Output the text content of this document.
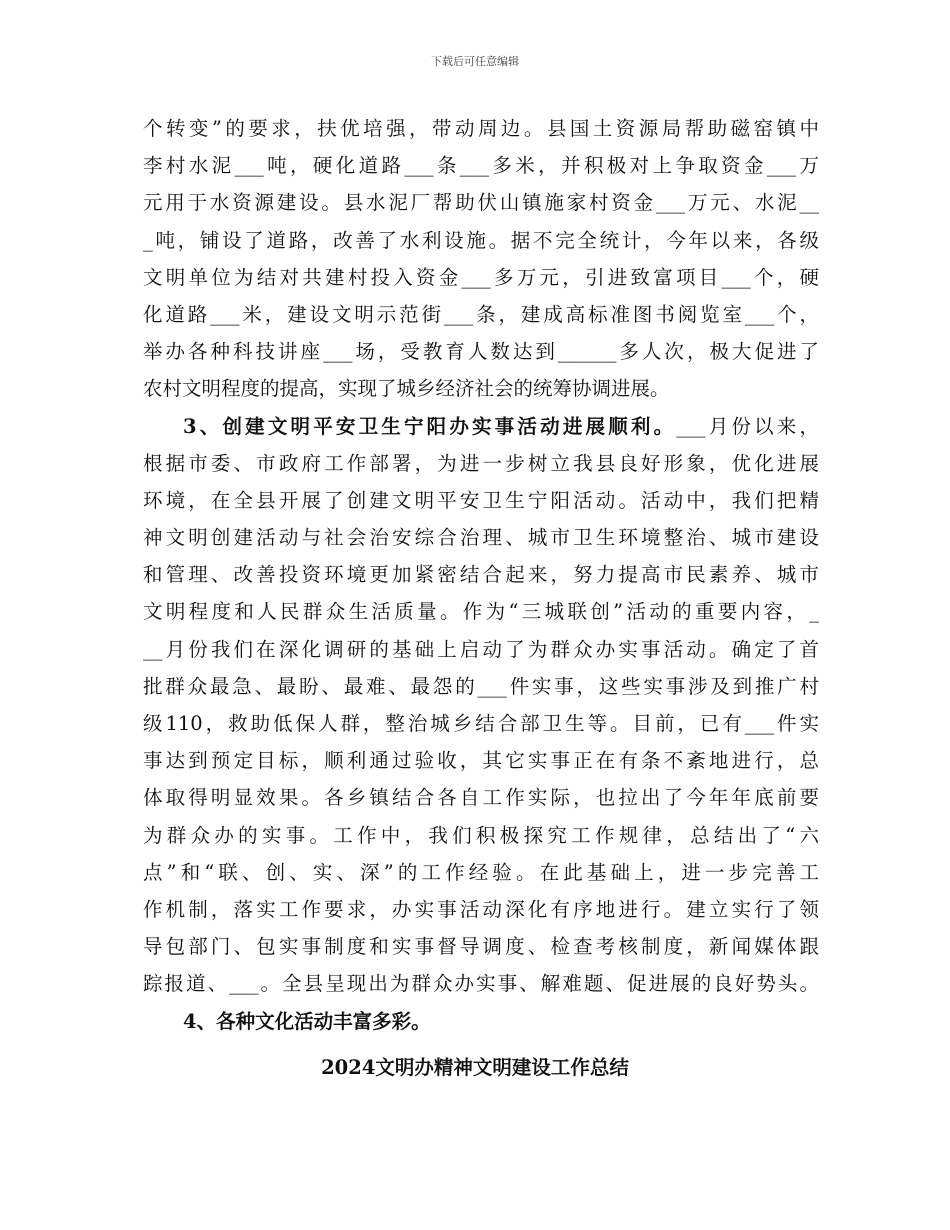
下载后可任意编辑
个转变”的要求，扶优培强，带动周边。县国土资源局帮助磁窑镇中
李村水泥___吨，硬化道路___条___多米，并积极对上争取资金___万
元用于水资源建设。县水泥厂帮助伏山镇施家村资金___万元、水泥__
_吨，铺设了道路，改善了水利设施。据不完全统计，今年以来，各级
文明单位为结对共建村投入资金___多万元，引进致富项目___个，硬
化道路___米，建设文明示范街___条，建成高标准图书阅览室___个，
举办各种科技讲座___场，受教育人数达到______多人次，极大促进了
农村文明程度的提高，实现了城乡经济社会的统筹协调进展。
3、创建文明平安卫生宁阳办实事活动进展顺利。___月份以来，
根据市委、市政府工作部署，为进一步树立我县良好形象，优化进展
环境，在全县开展了创建文明平安卫生宁阳活动。活动中，我们把精
神文明创建活动与社会治安综合治理、城市卫生环境整治、城市建设
和管理、改善投资环境更加紧密结合起来，努力提高市民素养、城市
文明程度和人民群众生活质量。作为“三城联创”活动的重要内容，_
__月份我们在深化调研的基础上启动了为群众办实事活动。确定了首
批群众最急、最盼、最难、最怨的___件实事，这些实事涉及到推广村
级110，救助低保人群，整治城乡结合部卫生等。目前，已有___件实
事达到预定目标，顺利通过验收，其它实事正在有条不紊地进行，总
体取得明显效果。各乡镇结合各自工作实际，也拉出了今年年底前要
为群众办的实事。工作中，我们积极探究工作规律，总结出了“六
点”和“联、创、实、深”的工作经验。在此基础上，进一步完善工
作机制，落实工作要求，办实事活动深化有序地进行。建立实行了领
导包部门、包实事制度和实事督导调度、检查考核制度，新闻媒体跟
踪报道、___。全县呈现出为群众办实事、解难题、促进展的良好势头。
4、各种文化活动丰富多彩。
2024文明办精神文明建设工作总结
